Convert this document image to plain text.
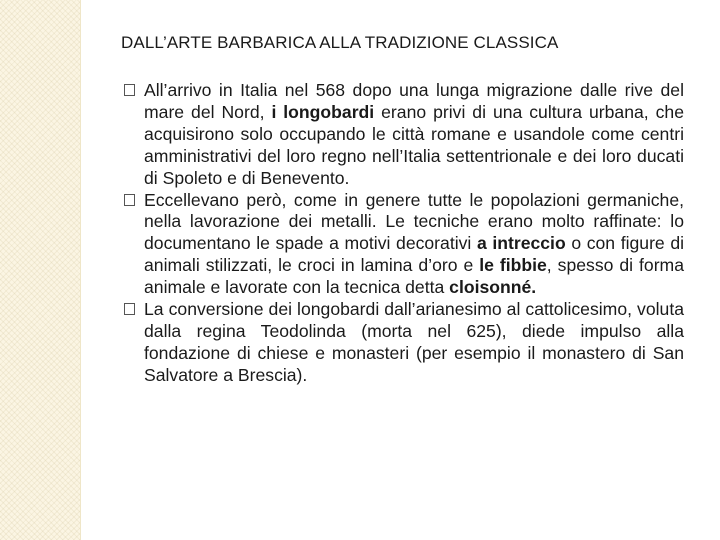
DALL’ARTE BARBARICA ALLA TRADIZIONE CLASSICA
All’arrivo in Italia nel 568 dopo una lunga migrazione dalle rive del mare del Nord, i longobardi erano privi di una cultura urbana, che acquisirono solo occupando le città romane e usandole come centri amministrativi del loro regno nell’Italia settentrionale e dei loro ducati di Spoleto e di Benevento.
Eccellevano però, come in genere tutte le popolazioni germaniche, nella lavorazione dei metalli. Le tecniche erano molto raffinate: lo documentano le spade a motivi decorativi a intreccio o con figure di animali stilizzati, le croci in lamina d’oro e le fibbie, spesso di forma animale e lavorate con la tecnica detta cloisonné.
La conversione dei longobardi dall’arianesimo al cattolicesimo, voluta dalla regina Teodolinda (morta nel 625), diede impulso alla fondazione di chiese e monasteri (per esempio il monastero di San Salvatore a Brescia).
